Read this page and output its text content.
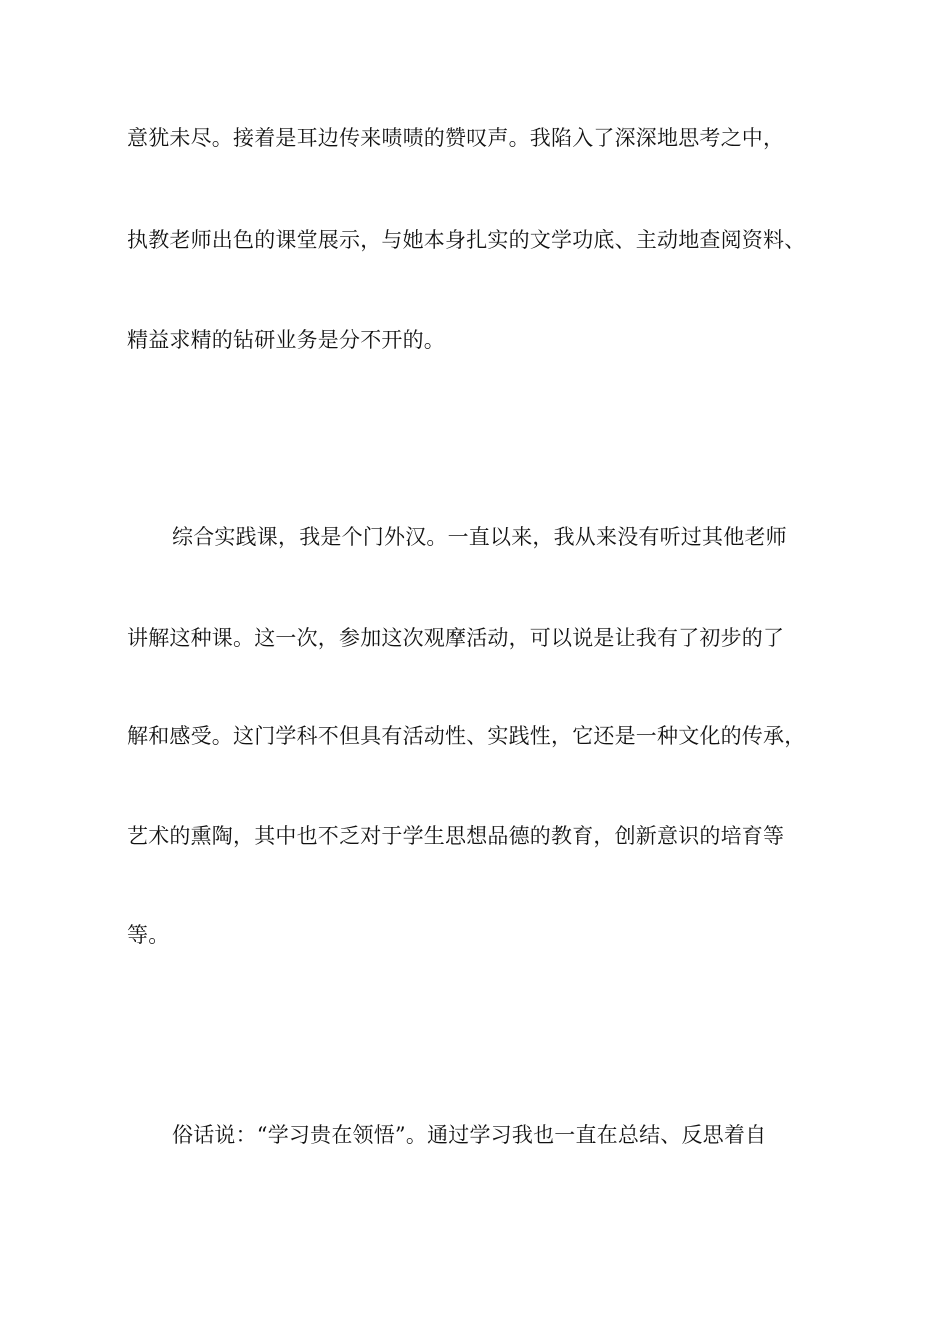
意犹未尽。接着是耳边传来啧啧的赞叹声。我陷入了深深地思考之中，
执教老师出色的课堂展示，与她本身扎实的文学功底、主动地查阅资料、
精益求精的钻研业务是分不开的。
综合实践课，我是个门外汉。一直以来，我从来没有听过其他老师
讲解这种课。这一次，参加这次观摩活动，可以说是让我有了初步的了
解和感受。这门学科不但具有活动性、实践性，它还是一种文化的传承，
艺术的熏陶，其中也不乏对于学生思想品德的教育，创新意识的培育等
等。
俗话说：“学习贵在领悟”。通过学习我也一直在总结、反思着自
